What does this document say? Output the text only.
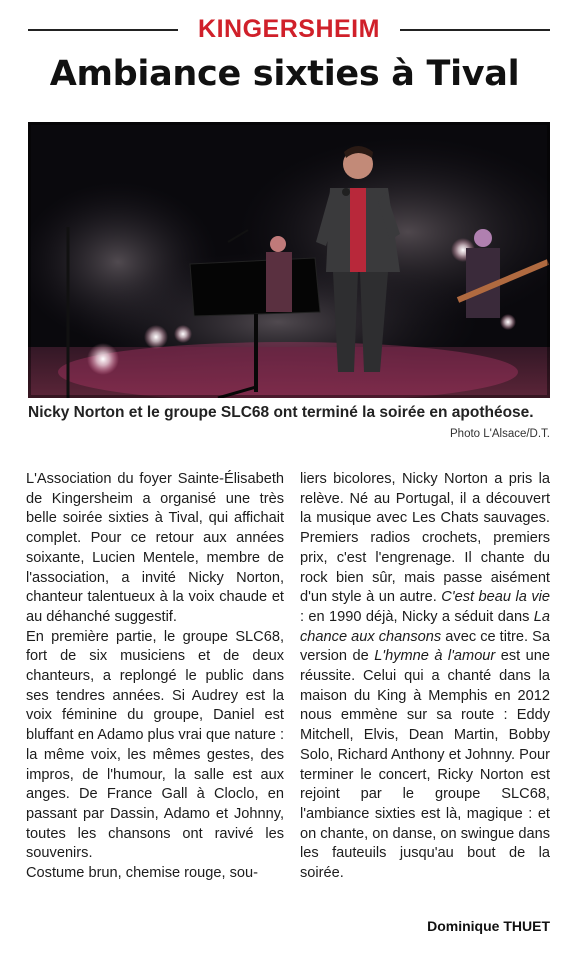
KINGERSHEIM
Ambiance sixties à Tival
Nicky Norton et le groupe SLC68 ont terminé la soirée en apothéose.
Photo L'Alsace/D.T.

L'Association du foyer Sainte-Élisabeth de Kingersheim a organisé une très belle soirée sixties à Tival, qui affichait complet. Pour ce retour aux années soixante, Lucien Mentele, membre de l'association, a invité Nicky Norton, chanteur talentueux à la voix chaude et au déhanché suggestif.

En première partie, le groupe SLC68, fort de six musiciens et de deux chanteurs, a replongé le public dans ses tendres années. Si Audrey est la voix féminine du groupe, Daniel est bluffant en Adamo plus vrai que nature : la même voix, les mêmes gestes, des impros, de l'humour, la salle est aux anges. De France Gall à Cloclo, en passant par Dassin, Adamo et Johnny, toutes les chansons ont ravivé les souvenirs.

Costume brun, chemise rouge, sou-

liers bicolores, Nicky Norton a pris la relève. Né au Portugal, il a découvert la musique avec Les Chats sauvages. Premiers radios crochets, premiers prix, c'est l'engrenage. Il chante du rock bien sûr, mais passe aisément d'un style à un autre. C'est beau la vie : en 1990 déjà, Nicky a séduit dans La chance aux chansons avec ce titre. Sa version de L'hymne à l'amour est une réussite. Celui qui a chanté dans la maison du King à Memphis en 2012 nous emmène sur sa route : Eddy Mitchell, Elvis, Dean Martin, Bobby Solo, Richard Anthony et Johnny. Pour terminer le concert, Ricky Norton est rejoint par le groupe SLC68, l'ambiance sixties est là, magique : et on chante, on danse, on swingue dans les fauteuils jusqu'au bout de la soirée.

Dominique THUET
